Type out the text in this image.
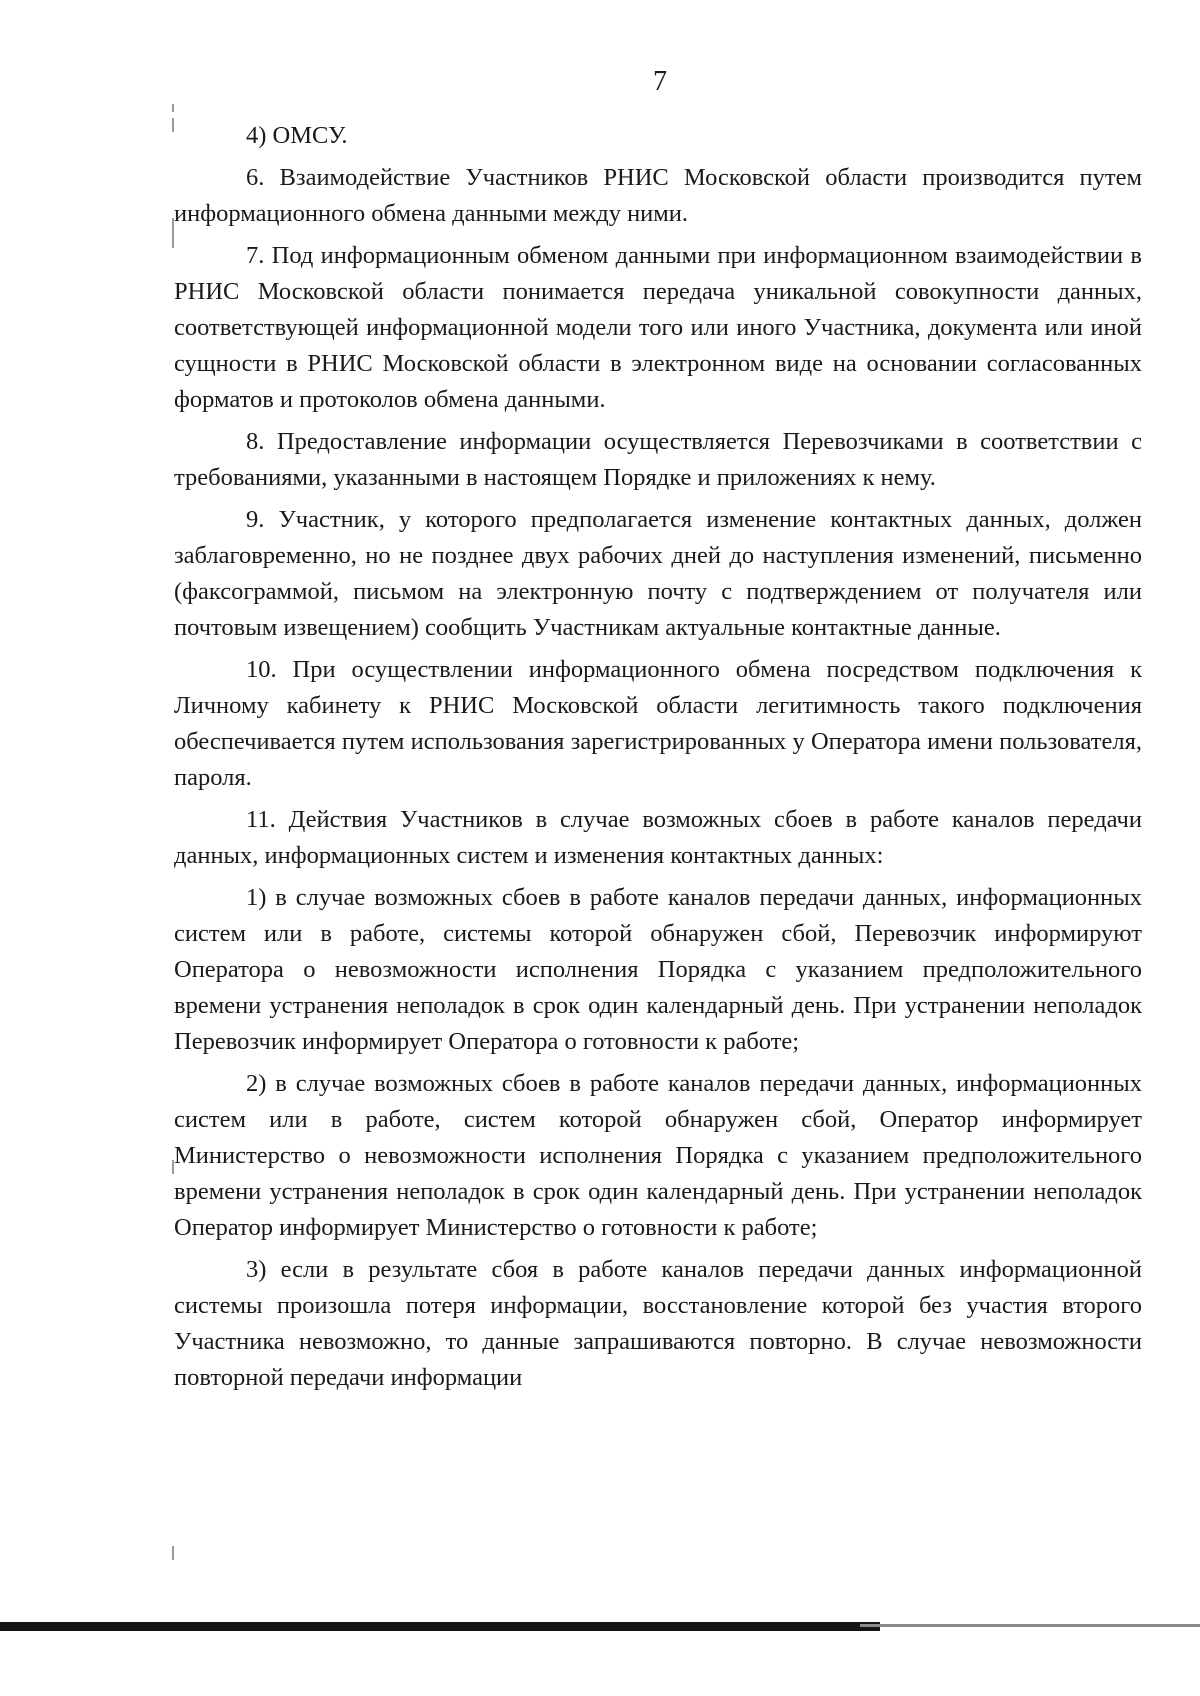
7

4) ОМСУ.

6. Взаимодействие Участников РНИС Московской области производится путем информационного обмена данными между ними.

7. Под информационным обменом данными при информационном взаимодействии в РНИС Московской области понимается передача уникальной совокупности данных, соответствующей информационной модели того или иного Участника, документа или иной сущности в РНИС Московской области в электронном виде на основании согласованных форматов и протоколов обмена данными.

8. Предоставление информации осуществляется Перевозчиками в соответствии с требованиями, указанными в настоящем Порядке и приложениях к нему.

9. Участник, у которого предполагается изменение контактных данных, должен заблаговременно, но не позднее двух рабочих дней до наступления изменений, письменно (факсограммой, письмом на электронную почту с подтверждением от получателя или почтовым извещением) сообщить Участникам актуальные контактные данные.

10. При осуществлении информационного обмена посредством подключения к Личному кабинету к РНИС Московской области легитимность такого подключения обеспечивается путем использования зарегистрированных у Оператора имени пользователя, пароля.

11. Действия Участников в случае возможных сбоев в работе каналов передачи данных, информационных систем и изменения контактных данных:

1) в случае возможных сбоев в работе каналов передачи данных, информационных систем или в работе, системы которой обнаружен сбой, Перевозчик информируют Оператора о невозможности исполнения Порядка с указанием предположительного времени устранения неполадок в срок один календарный день. При устранении неполадок Перевозчик информирует Оператора о готовности к работе;

2) в случае возможных сбоев в работе каналов передачи данных, информационных систем или в работе, систем которой обнаружен сбой, Оператор информирует Министерство о невозможности исполнения Порядка с указанием предположительного времени устранения неполадок в срок один календарный день. При устранении неполадок Оператор информирует Министерство о готовности к работе;

3) если в результате сбоя в работе каналов передачи данных информационной системы произошла потеря информации, восстановление которой без участия второго Участника невозможно, то данные запрашиваются повторно. В случае невозможности повторной передачи информации
